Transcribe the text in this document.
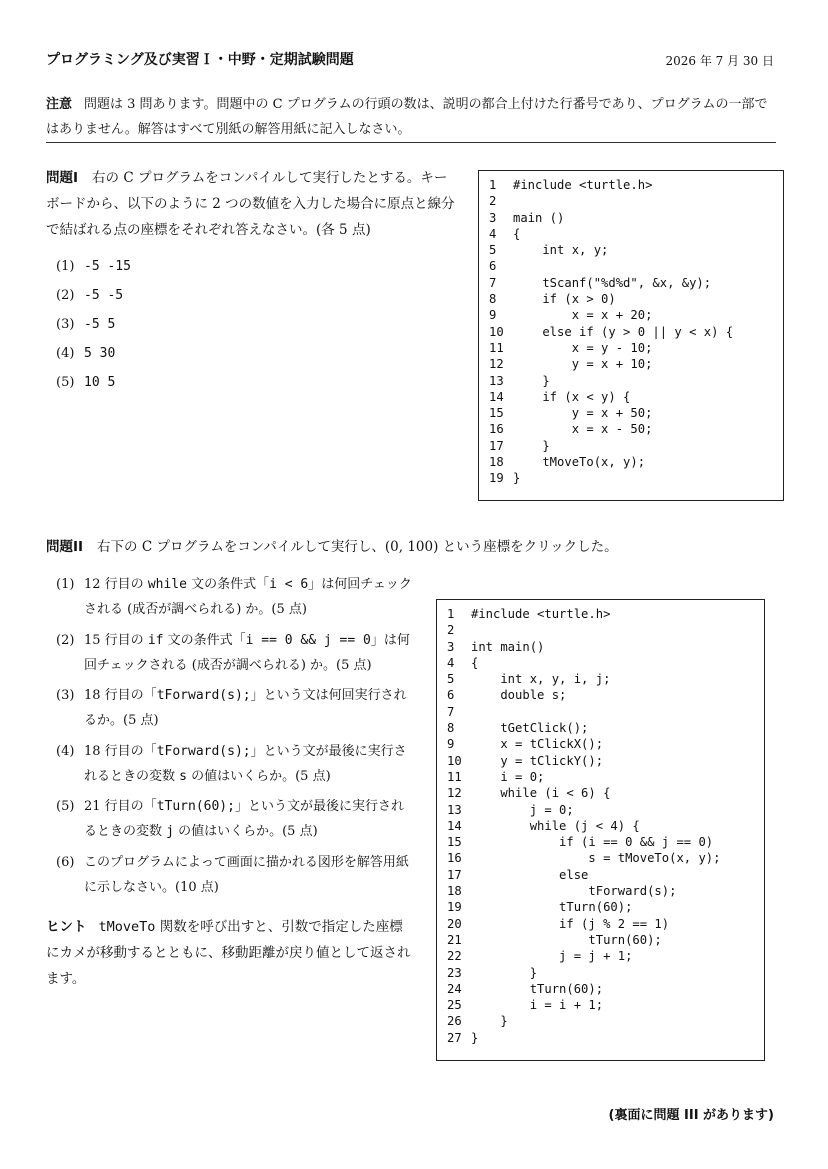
プログラミング及び実習Ｉ・中野・定期試験問題	2026 年 7 月 30 日
注意 問題は 3 問あります。問題中の C プログラムの行頭の数は、説明の都合上付けた行番号であり、プログラムの一部ではありません。解答はすべて別紙の解答用紙に記入しなさい。
問題I 右の C プログラムをコンパイルして実行したとする。キーボードから、以下のように 2 つの数値を入力した場合に原点と線分で結ばれる点の座標をそれぞれ答えなさい。(各 5 点)
(1) -5 -15
(2) -5 -5
(3) -5 5
(4) 5 30
(5) 10 5
1	#include <turtle.h>
2
3	main ()
4	{
5	int x, y;
6
7	tScanf("%d%d", &x, &y);
8	if (x > 0)
9	x = x + 20;
10 else if (y > 0 || y < x) {
11 x = y - 10;
12 y = x + 10;
13 }
14 if (x < y) {
15 y = x + 50;
16 x = x - 50;
17 }
18 tMoveTo(x, y);
19 }
問題II 右下の C プログラムをコンパイルして実行し、(0, 100) という座標をクリックした。
(1) 12 行目の while 文の条件式「i < 6」は何回チェックされる (成否が調べられる) か。(5 点)
(2) 15 行目の if 文の条件式「i == 0 && j == 0」は何回チェックされる (成否が調べられる) か。(5 点)
(3) 18 行目の「tForward(s);」という文は何回実行されるか。(5 点)
(4) 18 行目の「tForward(s);」という文が最後に実行されるときの変数 s の値はいくらか。(5 点)
(5) 21 行目の「tTurn(60);」という文が最後に実行されるときの変数 j の値はいくらか。(5 点)
(6) このプログラムによって画面に描かれる図形を解答用紙に示しなさい。(10 点)
1	#include <turtle.h>
2
3	int main()
4	{
5	int x, y, i, j;
6	double s;
7
8	tGetClick();
9	x = tClickX();
10 y = tClickY();
11 i = 0;
12 while (i < 6) {
13 j = 0;
14 while (j < 4) {
15 if (i == 0 && j == 0)
16 s = tMoveTo(x, y);
17 else
18 tForward(s);
19 tTurn(60);
20 if (j % 2 == 1)
21 tTurn(60);
22 j = j + 1;
23 }
24 tTurn(60);
25 i = i + 1;
26 }
27 }
ヒント tMoveTo 関数を呼び出すと、引数で指定した座標にカメが移動するとともに、移動距離が戻り値として返されます。
(裏面に問題 III があります)
